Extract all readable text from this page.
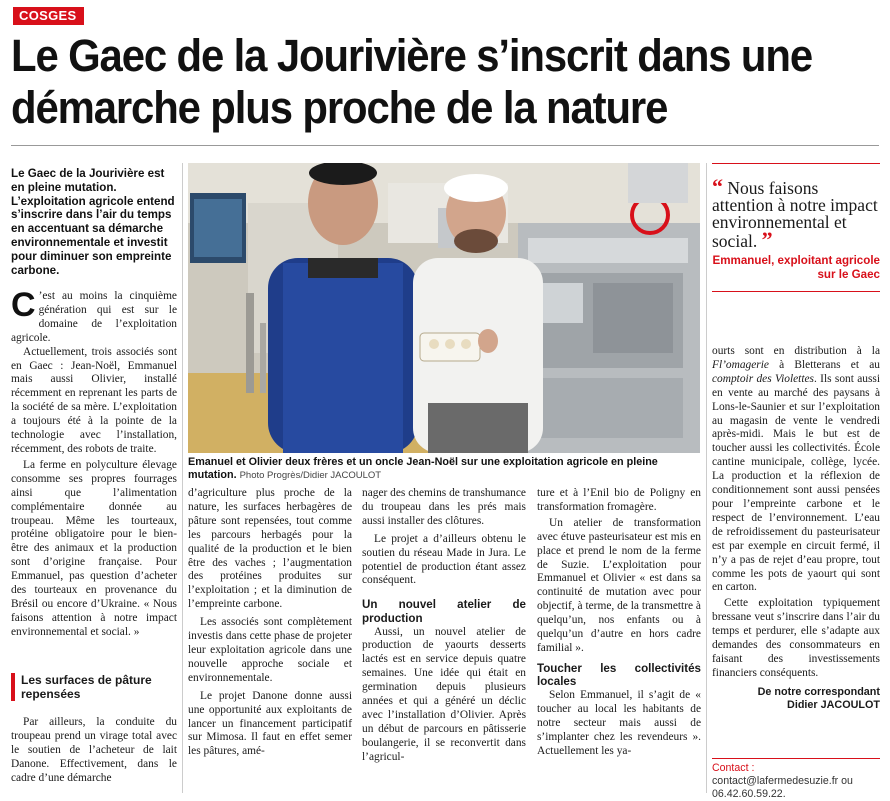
COSGES
Le Gaec de la Jourivière s’inscrit dans une démarche plus proche de la nature
Le Gaec de la Jourivière est en pleine mutation. L’exploitation agricole entend s’inscrire dans l’air du temps en accentuant sa démarche environnementale et investit pour diminuer son empreinte carbone.

C ’est au moins la cinquième génération qui est sur le domaine de l’exploitation agricole.

Actuellement, trois associés sont en Gaec : Jean-Noël, Emmanuel mais aussi Olivier, installé récemment en reprenant les parts de la société de sa mère. L’exploitation a toujours été à la pointe de la technologie avec l’installation, récemment, des robots de traite.

La ferme en polyculture élevage consomme ses propres fourrages ainsi que l’alimentation complémentaire donnée au troupeau. Même les tourteaux, protéine obligatoire pour le bien-être des animaux et la production sont d’origine française. Pour Emmanuel, pas question d’acheter des tourteaux en provenance du Brésil ou encore d’Ukraine. « Nous faisons attention à notre impact environnemental et social. »

Les surfaces de pâture repensées

Par ailleurs, la conduite du troupeau prend un virage total avec le soutien de l’acheteur de lait Danone. Effectivement, dans le cadre d’une démarche

Emanuel et Olivier deux frères et un oncle Jean-Noël sur une exploitation agricole en pleine mutation. Photo Progrès/Didier JACOULOT

d’agriculture plus proche de la nature, les surfaces herbagères de pâture sont repensées, tout comme les parcours herbagés pour la qualité de la production et le bien être des vaches ; l’augmentation des protéines produites sur l’exploitation ; et la diminution de l’empreinte carbone.

Les associés sont complètement investis dans cette phase de projeter leur exploitation agricole dans une nouvelle approche sociale et environnementale.

Le projet Danone donne aussi une opportunité aux exploitants de lancer un financement participatif sur Mimosa. Il faut en effet semer les pâtures, amé-

nager des chemins de transhumance du troupeau dans les prés mais aussi installer des clôtures.

Le projet a d’ailleurs obtenu le soutien du réseau Made in Jura. Le potentiel de production étant assez conséquent.

Un nouvel atelier de production

Aussi, un nouvel atelier de production de yaourts desserts lactés est en service depuis quatre semaines. Une idée qui était en germination depuis plusieurs années et qui a généré un déclic avec l’installation d’Olivier. Après un début de parcours en pâtisserie boulangerie, il se reconvertit dans l’agricul-

ture et à l’Enil bio de Poligny en transformation fromagère.

Un atelier de transformation avec étuve pasteurisateur est mis en place et prend le nom de la ferme de Suzie. L’exploitation pour Emmanuel et Olivier « est dans sa continuité de mutation avec pour objectif, à terme, de la transmettre à quelqu’un, nos enfants ou à quelqu’un d’autre en hors cadre familial ».

Toucher les collectivités locales

Selon Emmanuel, il s’agit de « toucher au local les habitants de notre secteur mais aussi de s’implanter chez les revendeurs ». Actuellement les ya-

“ Nous faisons attention à notre impact environnemental et social. ”
Emmanuel, exploitant agricole sur le Gaec

ourts sont en distribution à la Fl’omagerie à Bletterans et au comptoir des Violettes. Ils sont aussi en vente au marché des paysans à Lons-le-Saunier et sur l’exploitation au magasin de vente le vendredi après-midi. Mais le but est de toucher aussi les collectivités. École cantine municipale, collège, lycée. La production et la réflexion de conditionnement sont aussi pensées pour l’empreinte carbone et le respect de l’environnement. L’eau de refroidissement du pasteurisateur est par exemple en circuit fermé, il n’y a pas de rejet d’eau propre, tout comme les pots de yaourt qui sont en carton.

Cette exploitation typiquement bressane veut s’inscrire dans l’air du temps et perdurer, elle s’adapte aux demandes des consommateurs en faisant des investissements financiers conséquents.

De notre correspondant
Didier JACOULOT
Contact : contact@lafermedesuzie.fr ou 06.42.60.59.22.
